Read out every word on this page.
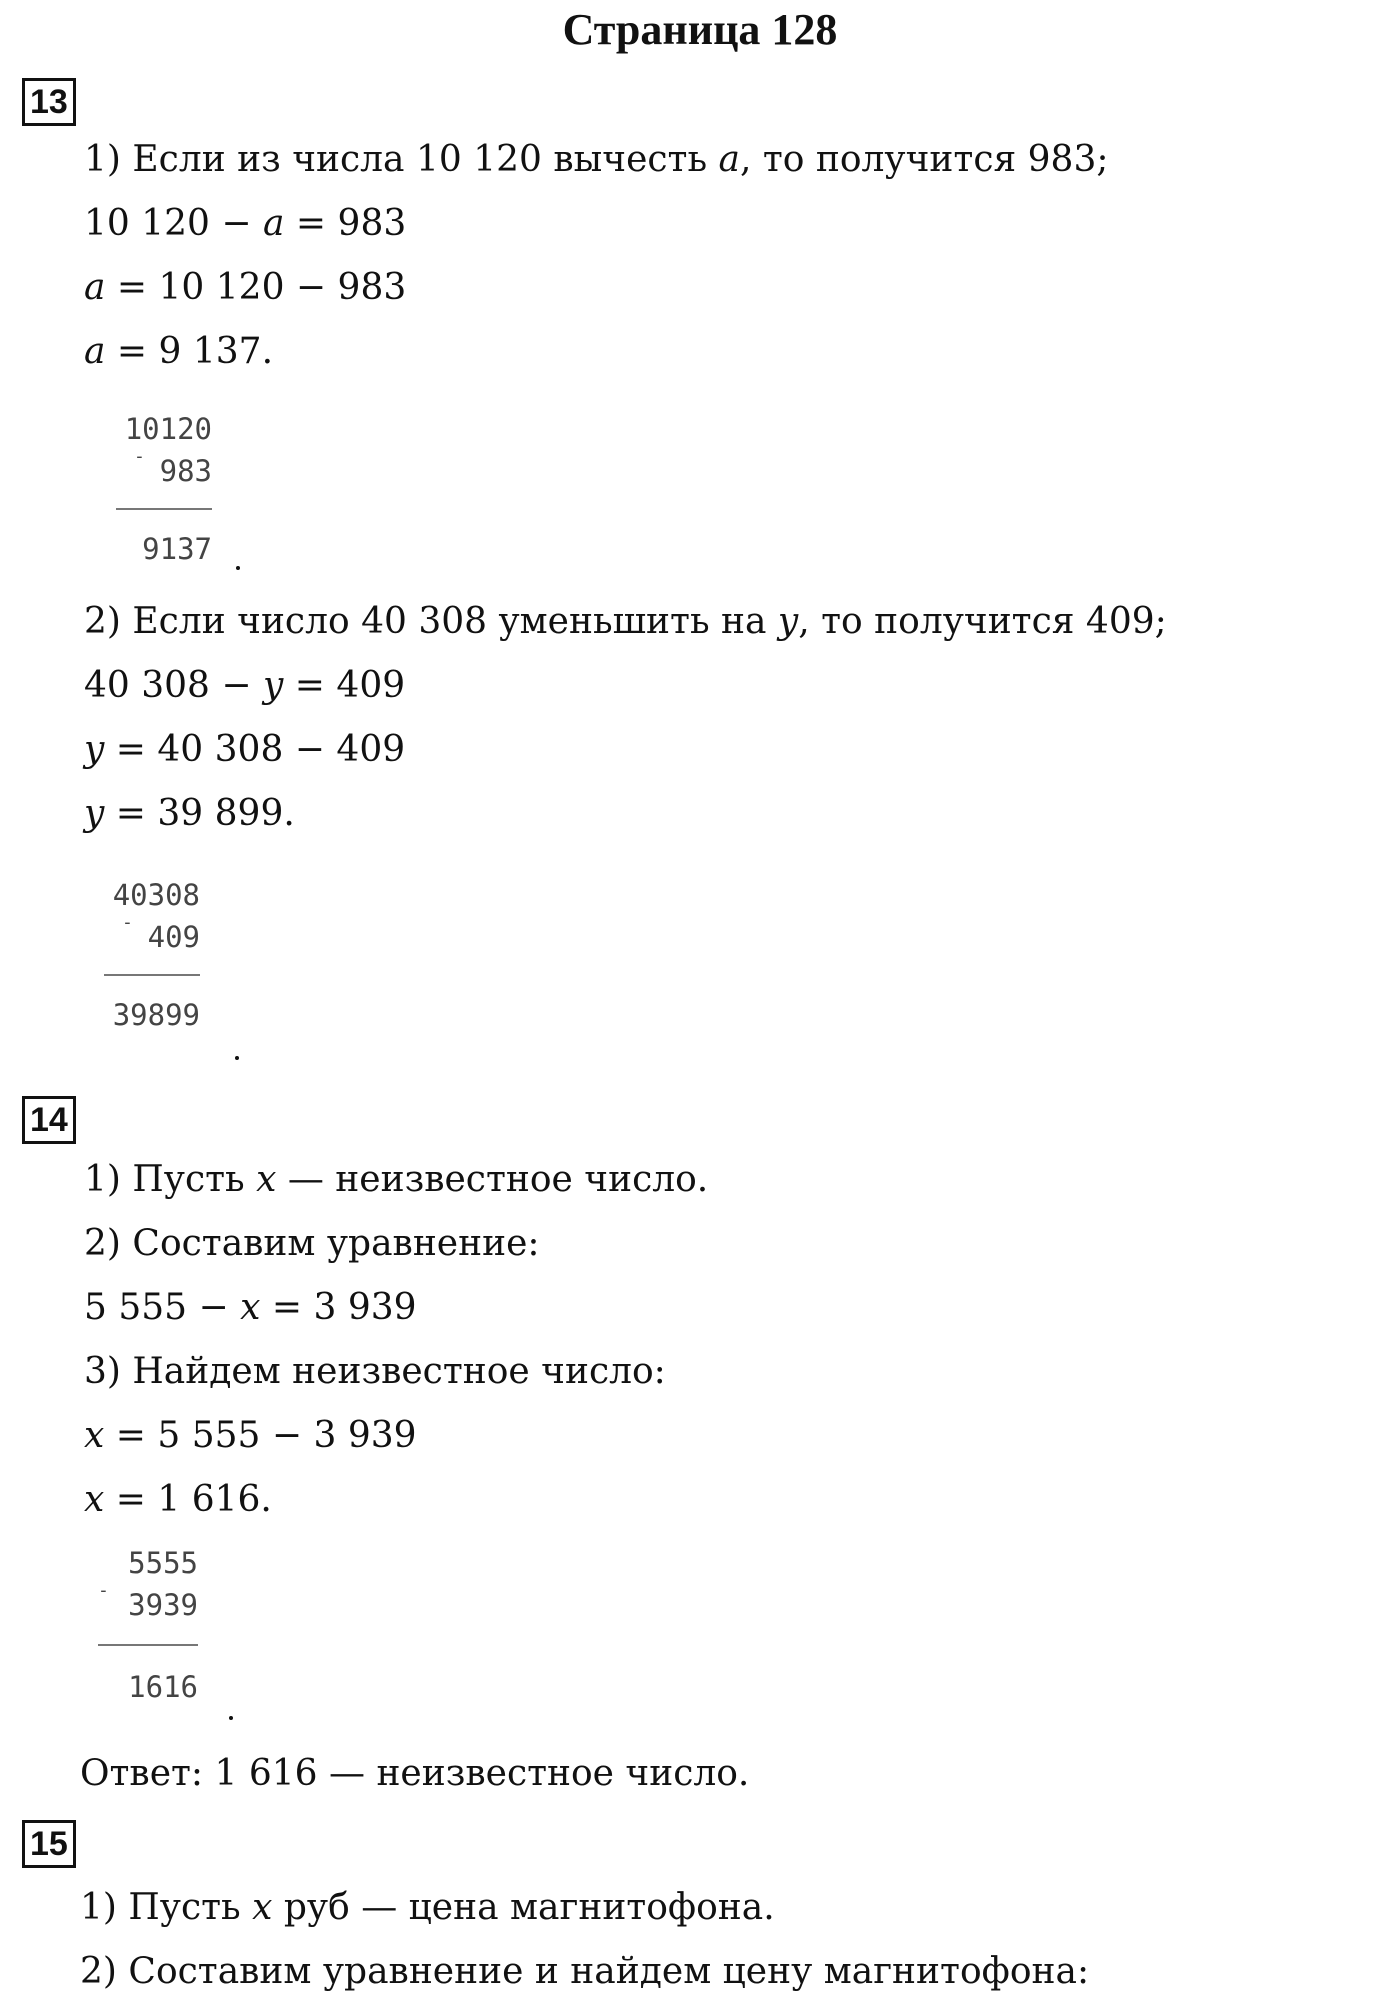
Страница 128
13
1) Если из числа 10 120 вычесть a, то получится 983;
10 120 − a = 983
a = 10 120 − 983
a = 9 137.
10120
- 983
9137
2) Если число 40 308 уменьшить на y, то получится 409;
40 308 − y = 409
y = 40 308 − 409
y = 39 899.
40308
- 409
39899
14
1) Пусть x — неизвестное число.
2) Составим уравнение:
5 555 − x = 3 939
3) Найдем неизвестное число:
x = 5 555 − 3 939
x = 1 616.
-
5555
3939
1616
Ответ: 1 616 — неизвестное число.
15
1) Пусть x руб — цена магнитофона.
2) Составим уравнение и найдем цену магнитофона:
